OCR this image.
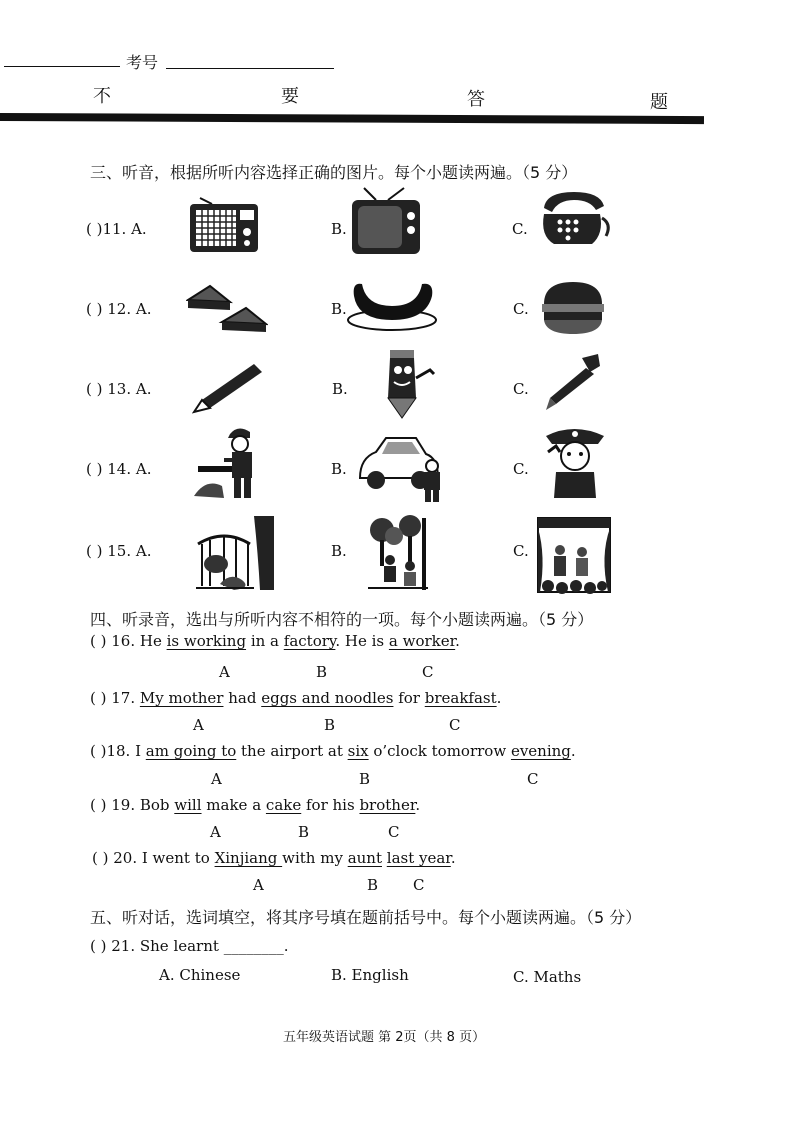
考号
不	要	答	题
三、听音，根据所听内容选择正确的图片。每个小题读两遍。（5 分）
( )11. A.	B.	C.
( ) 12. A.	B.	C.
( ) 13. A.	B.	C.
( ) 14. A.	B.	C.
( ) 15. A.	B.	C.
四、听录音，选出与所听内容不相符的一项。每个小题读两遍。（5 分）
( ) 16. He is working in a factory. He is a worker.
A	B	C
( ) 17. My mother had eggs and noodles for breakfast.
A	B	C
( )18. I am going to the airport at six o’clock tomorrow evening.
A	B	C
( ) 19. Bob will make a cake for his brother.
A	B	C
( ) 20. I went to Xinjiang with my aunt last year.
A	B C
五、听对话，选词填空，将其序号填在题前括号中。每个小题读两遍。（5 分）
( ) 21. She learnt ________.
A. Chinese	B. English	C. Maths
五年级英语试题 第 2页（共 8 页）
